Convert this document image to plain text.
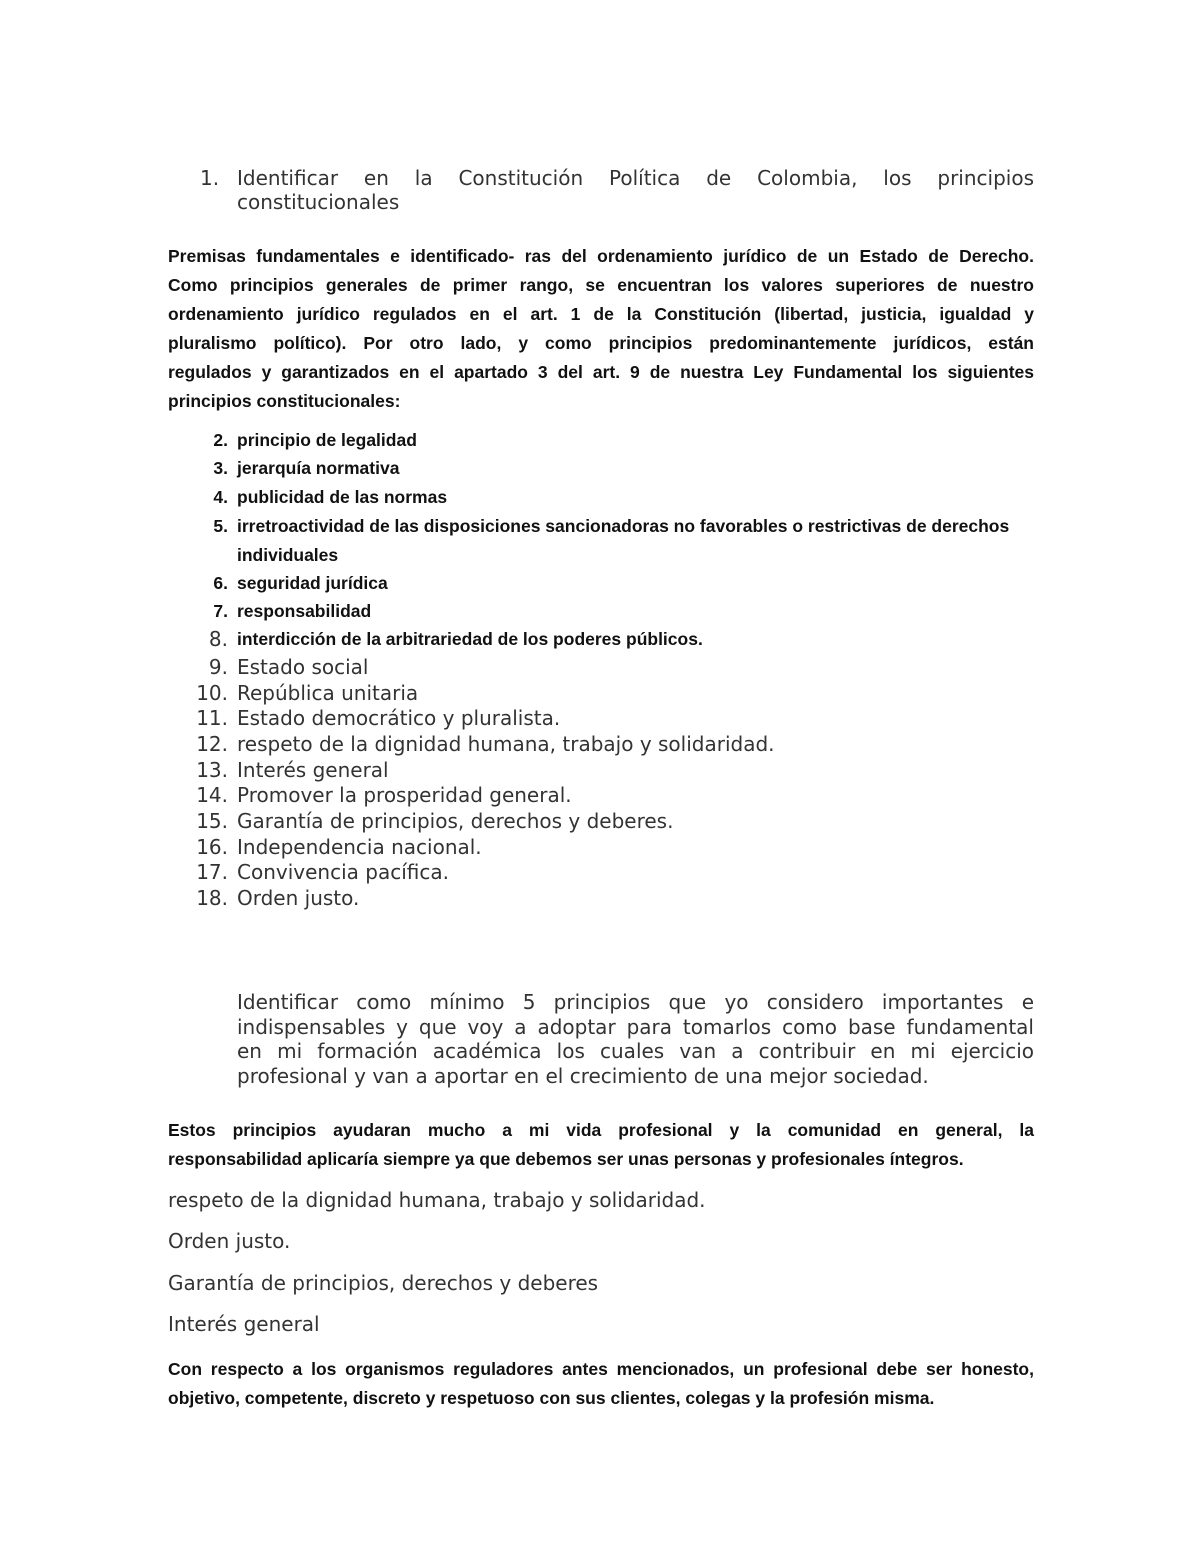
1. Identificar en la Constitución Política de Colombia, los principios
constitucionales
Premisas fundamentales e identificado- ras del ordenamiento jurídico de un Estado de Derecho.
Como principios generales de primer rango, se encuentran los valores superiores de nuestro
ordenamiento jurídico regulados en el art. 1 de la Constitución (libertad, justicia, igualdad y
pluralismo político). Por otro lado, y como principios predominantemente jurídicos, están
regulados y garantizados en el apartado 3 del art. 9 de nuestra Ley Fundamental los siguientes
principios constitucionales:
2. principio de legalidad
3. jerarquía normativa
4. publicidad de las normas
5. irretroactividad de las disposiciones sancionadoras no favorables o restrictivas de derechos
individuales
6. seguridad jurídica
7. responsabilidad
8. interdicción de la arbitrariedad de los poderes públicos.
9. Estado social
10. República unitaria
11. Estado democrático y pluralista.
12. respeto de la dignidad humana, trabajo y solidaridad.
13. Interés general
14. Promover la prosperidad general.
15. Garantía de principios, derechos y deberes.
16. Independencia nacional.
17. Convivencia pacífica.
18. Orden justo.
Identificar como mínimo 5 principios que yo considero importantes e
indispensables y que voy a adoptar para tomarlos como base fundamental
en mi formación académica los cuales van a contribuir en mi ejercicio
profesional y van a aportar en el crecimiento de una mejor sociedad.
Estos principios ayudaran mucho a mi vida profesional y la comunidad en general, la
responsabilidad aplicaría siempre ya que debemos ser unas personas y profesionales íntegros.
respeto de la dignidad humana, trabajo y solidaridad.
Orden justo.
Garantía de principios, derechos y deberes
Interés general
Con respecto a los organismos reguladores antes mencionados, un profesional debe ser honesto,
objetivo, competente, discreto y respetuoso con sus clientes, colegas y la profesión misma.
